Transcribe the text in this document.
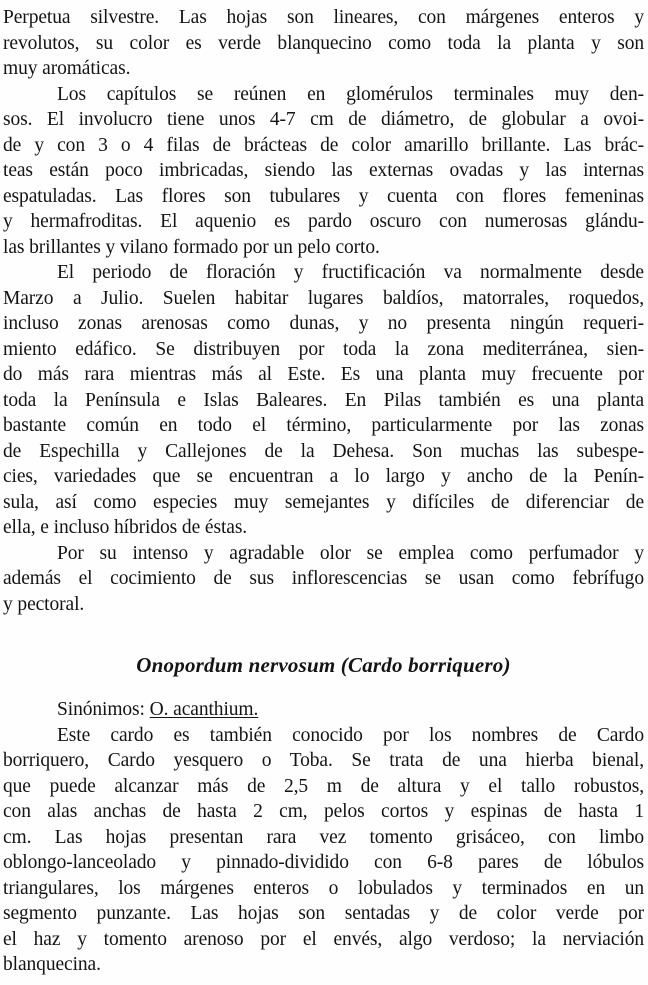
Perpetua silvestre. Las hojas son lineares, con márgenes enteros y
revolutos, su color es verde blanquecino como toda la planta y son
muy aromáticas.
Los capítulos se reúnen en glomérulos terminales muy den-
sos. El involucro tiene unos 4-7 cm de diámetro, de globular a ovoi-
de y con 3 o 4 filas de brácteas de color amarillo brillante. Las brác-
teas están poco imbricadas, siendo las externas ovadas y las internas
espatuladas. Las flores son tubulares y cuenta con flores femeninas
y hermafroditas. El aquenio es pardo oscuro con numerosas glándu-
las brillantes y vilano formado por un pelo corto.
El periodo de floración y fructificación va normalmente desde
Marzo a Julio. Suelen habitar lugares baldíos, matorrales, roquedos,
incluso zonas arenosas como dunas, y no presenta ningún requeri-
miento edáfico. Se distribuyen por toda la zona mediterránea, sien-
do más rara mientras más al Este. Es una planta muy frecuente por
toda la Península e Islas Baleares. En Pilas también es una planta
bastante común en todo el término, particularmente por las zonas
de Espechilla y Callejones de la Dehesa. Son muchas las subespe-
cies, variedades que se encuentran a lo largo y ancho de la Penín-
sula, así como especies muy semejantes y difíciles de diferenciar de
ella, e incluso híbridos de éstas.
Por su intenso y agradable olor se emplea como perfumador y
además el cocimiento de sus inflorescencias se usan como febrífugo
y pectoral.
Onopordum nervosum (Cardo borriquero)
Sinónimos: O. acanthium.
Este cardo es también conocido por los nombres de Cardo
borriquero, Cardo yesquero o Toba. Se trata de una hierba bienal,
que puede alcanzar más de 2,5 m de altura y el tallo robustos,
con alas anchas de hasta 2 cm, pelos cortos y espinas de hasta 1
cm. Las hojas presentan rara vez tomento grisáceo, con limbo
oblongo-lanceolado y pinnado-dividido con 6-8 pares de lóbulos
triangulares, los márgenes enteros o lobulados y terminados en un
segmento punzante. Las hojas son sentadas y de color verde por
el haz y tomento arenoso por el envés, algo verdoso; la nerviación
blanquecina.
